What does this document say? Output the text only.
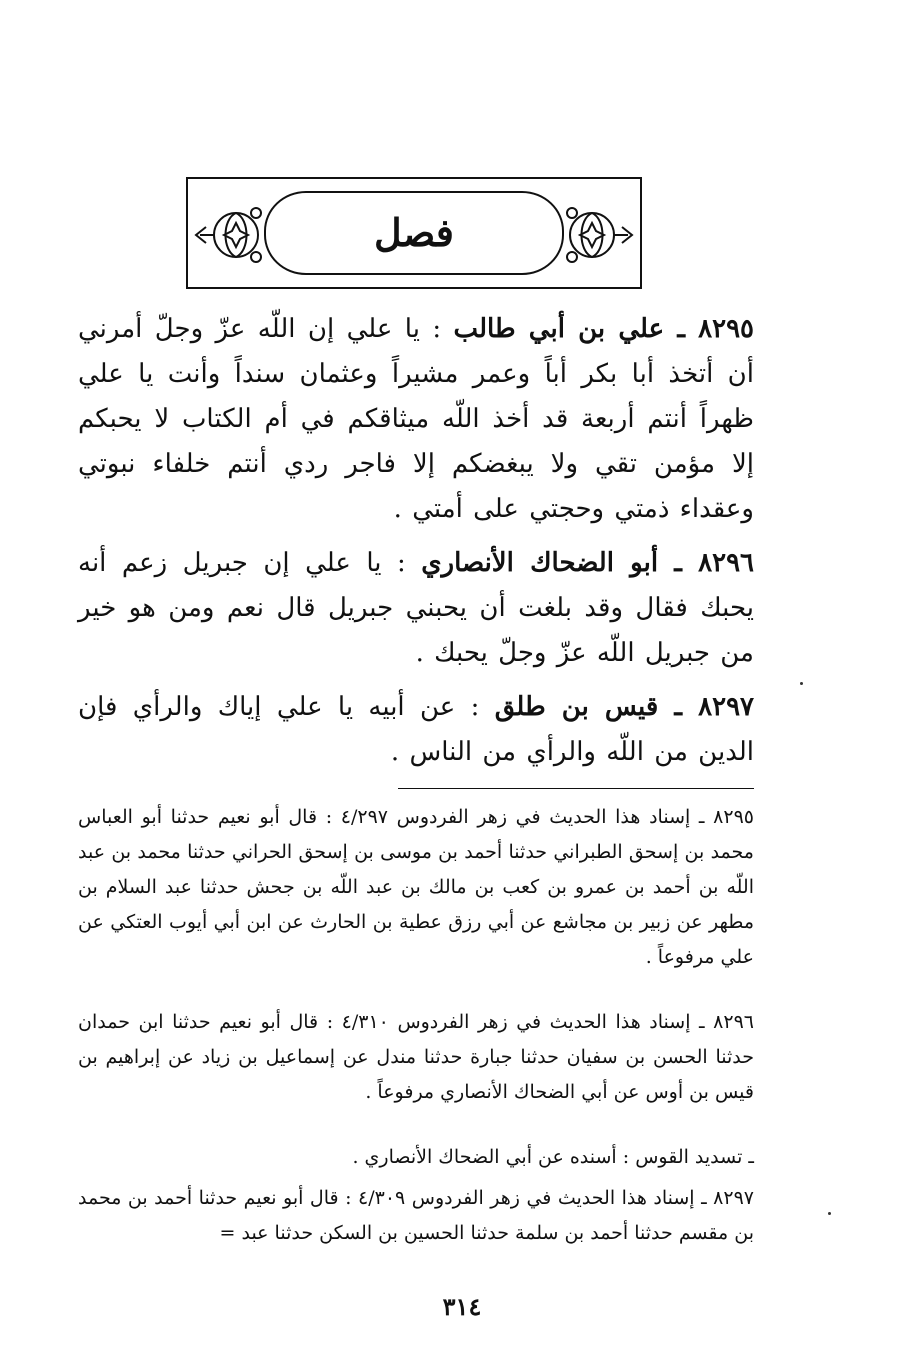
فصل

٨٢٩٥ ـ علي بن أبي طالب : يا علي إن اللّه عزّ وجلّ أمرني أن أتخذ أبا بكر أباً وعمر مشيراً وعثمان سنداً وأنت يا علي ظهراً أنتم أربعة قد أخذ اللّه ميثاقكم في أم الكتاب لا يحبكم إلا مؤمن تقي ولا يبغضكم إلا فاجر ردي أنتم خلفاء نبوتي وعقداء ذمتي وحجتي على أمتي .

٨٢٩٦ ـ أبو الضحاك الأنصاري : يا علي إن جبريل زعم أنه يحبك فقال وقد بلغت أن يحبني جبريل قال نعم ومن هو خير من جبريل اللّه عزّ وجلّ يحبك .

٨٢٩٧ ـ قيس بن طلق : عن أبيه يا علي إياك والرأي فإن الدين من اللّه والرأي من الناس .

٨٢٩٥ ـ إسناد هذا الحديث في زهر الفردوس ٤/٢٩٧ : قال أبو نعيم حدثنا أبو العباس محمد بن إسحق الطبراني حدثنا أحمد بن موسى بن إسحق الحراني حدثنا محمد بن عبد اللّه بن أحمد بن عمرو بن كعب بن مالك بن عبد اللّه بن جحش حدثنا عبد السلام بن مطهر عن زبير بن مجاشع عن أبي رزق عطية بن الحارث عن ابن أبي أيوب العتكي عن علي مرفوعاً .

٨٢٩٦ ـ إسناد هذا الحديث في زهر الفردوس ٤/٣١٠ : قال أبو نعيم حدثنا ابن حمدان حدثنا الحسن بن سفيان حدثنا جبارة حدثنا مندل عن إسماعيل بن زياد عن إبراهيم بن قيس بن أوس عن أبي الضحاك الأنصاري مرفوعاً .

ـ تسديد القوس : أسنده عن أبي الضحاك الأنصاري .

٨٢٩٧ ـ إسناد هذا الحديث في زهر الفردوس ٤/٣٠٩ : قال أبو نعيم حدثنا أحمد بن محمد بن مقسم حدثنا أحمد بن سلمة حدثنا الحسين بن السكن حدثنا عبد =

٣١٤
